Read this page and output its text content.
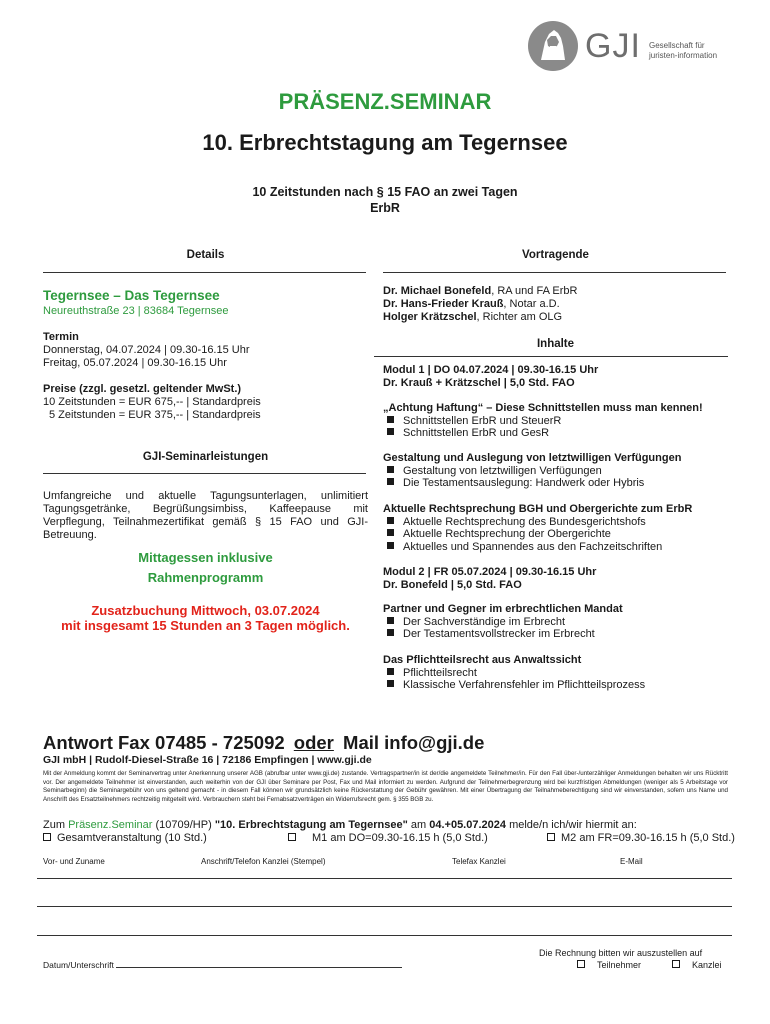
GJI Gesellschaft für
juristen-information
PRÄSENZ.SEMINAR
10. Erbrechtstagung am Tegernsee
10 Zeitstunden nach § 15 FAO an zwei Tagen
ErbR
Details
Tegernsee – Das Tegernsee
Neureuthstraße 23 | 83684 Tegernsee
Termin
Donnerstag, 04.07.2024 | 09.30-16.15 Uhr
Freitag, 05.07.2024 | 09.30-16.15 Uhr
Preise (zzgl. gesetzl. geltender MwSt.)
10 Zeitstunden = EUR 675,-- | Standardpreis
5 Zeitstunden = EUR 375,-- | Standardpreis
GJI-Seminarleistungen
Umfangreiche und aktuelle Tagungsunterlagen, unlimitiert Tagungsgetränke, Begrüßungsimbiss, Kaffeepause mit Verpflegung, Teilnahmezertifikat gemäß § 15 FAO und GJI-Betreuung.
Mittagessen inklusive
Rahmenprogramm
Zusatzbuchung Mittwoch, 03.07.2024
mit insgesamt 15 Stunden an 3 Tagen möglich.
Vortragende
Dr. Michael Bonefeld, RA und FA ErbR
Dr. Hans-Frieder Krauß, Notar a.D.
Holger Krätzschel, Richter am OLG
Inhalte
Modul 1 | DO 04.07.2024 | 09.30-16.15 Uhr
Dr. Krauß + Krätzschel | 5,0 Std. FAO
„Achtung Haftung“ – Diese Schnittstellen muss man kennen!
Schnittstellen ErbR und SteuerR
Schnittstellen ErbR und GesR
Gestaltung und Auslegung von letztwilligen Verfügungen
Gestaltung von letztwilligen Verfügungen
Die Testamentsauslegung: Handwerk oder Hybris
Aktuelle Rechtsprechung BGH und Obergerichte zum ErbR
Aktuelle Rechtsprechung des Bundesgerichtshofs
Aktuelle Rechtsprechung der Obergerichte
Aktuelles und Spannendes aus den Fachzeitschriften
Modul 2 | FR 05.07.2024 | 09.30-16.15 Uhr
Dr. Bonefeld | 5,0 Std. FAO
Partner und Gegner im erbrechtlichen Mandat
Der Sachverständige im Erbrecht
Der Testamentsvollstrecker im Erbrecht
Das Pflichtteilsrecht aus Anwaltssicht
Pflichtteilsrecht
Klassische Verfahrensfehler im Pflichtteilsprozess
Antwort Fax 07485 - 725092 oder Mail info@gji.de
GJI mbH | Rudolf-Diesel-Straße 16 | 72186 Empfingen | www.gji.de
Mit der Anmeldung kommt der Seminarvertrag unter Anerkennung unserer AGB (abrufbar unter www.gji.de) zustande. Vertragspartner/in ist der/die angemeldete Teilnehmer/in. Für den Fall über-/unterzähliger Anmeldungen behalten wir uns Rücktritt vor. Der angemeldete Teilnehmer ist einverstanden, auch weiterhin von der GJI über Seminare per Post, Fax und Mail informiert zu werden. Aufgrund der Teilnehmerbegrenzung wird bei kurzfristigen Abmeldungen (weniger als 5 Arbeitstage vor Seminarbeginn) die Seminargebühr von uns geltend gemacht - in diesem Fall können wir grundsätzlich keine Rückerstattung der Gebühr gewähren. Mit einer Übertragung der Teilnahmeberechtigung sind wir einverstanden, sofern uns Name und Anschrift des Ersatzteilnehmers rechtzeitig mitgeteilt wird. Verbrauchern steht bei Fernabsatzverträgen ein Widerrufsrecht gem. § 355 BGB zu.
Zum Präsenz.Seminar (10709/HP) "10. Erbrechtstagung am Tegernsee" am 04.+05.07.2024 melde/n ich/wir hiermit an:
Gesamtveranstaltung (10 Std.)	M1 am DO=09.30-16.15 h (5,0 Std.)	M2 am FR=09.30-16.15 h (5,0 Std.)
Vor- und Zuname	Anschrift/Telefon Kanzlei (Stempel)	Telefax Kanzlei	E-Mail
Datum/Unterschrift
Die Rechnung bitten wir auszustellen auf
Teilnehmer	Kanzlei
